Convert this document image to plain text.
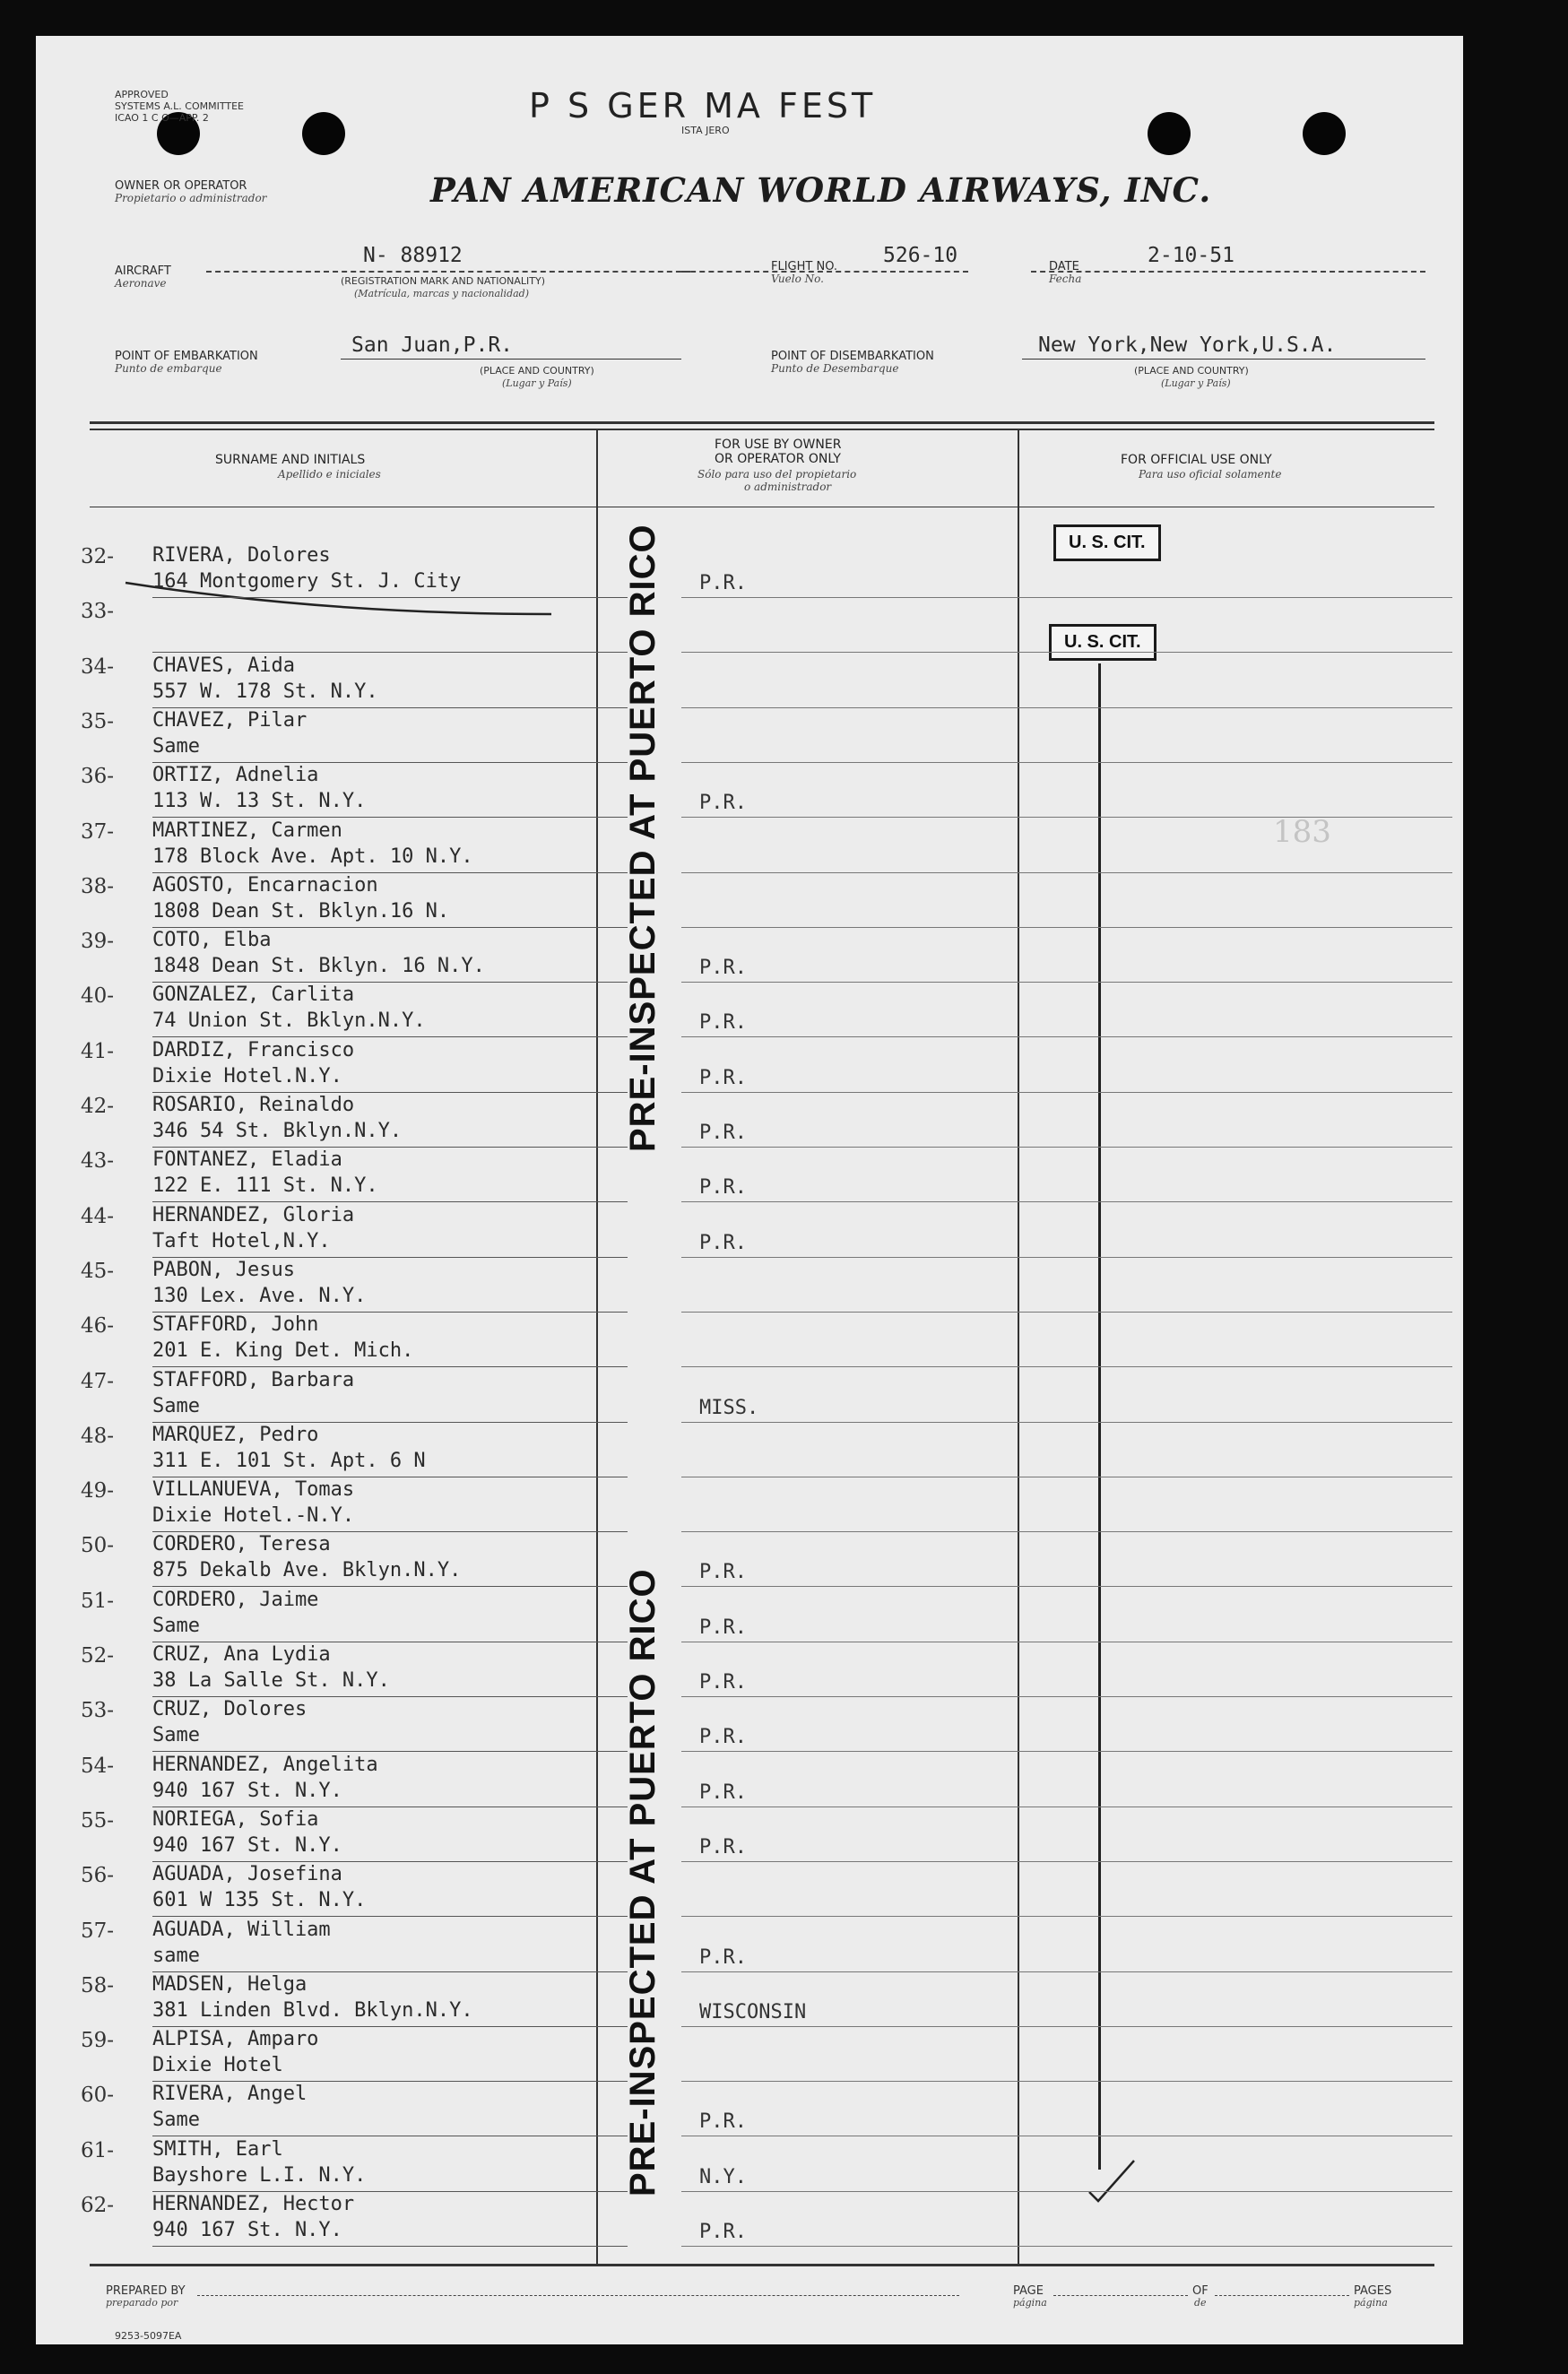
APPROVED
SYSTEMS A.L. COMMITTEE
ICAO 1 C O—APP. 2	P S GER MA FEST
ISTA JERO
OWNER OR OPERATOR
Propietario o administrador	PAN AMERICAN WORLD AIRWAYS, INC.
AIRCRAFT
Aeronave
N- 88912
(REGISTRATION MARK AND NATIONALITY)
(Matrícula, marcas y nacionalidad)
FLIGHT NO.
Vuelo No.
526-10	DATE
Fecha
2-10-51
POINT OF EMBARKATION
Punto de embarque
San Juan,P.R.
(PLACE AND COUNTRY)
(Lugar y País)
POINT OF DISEMBARKATION
Punto de Desembarque
New York,New York,U.S.A.
(PLACE AND COUNTRY)
(Lugar y País)
SURNAME AND INITIALS
Apellido e iniciales
FOR USE BY OWNER
OR OPERATOR ONLY
Sólo para uso del propietario
o administrador
FOR OFFICIAL USE ONLY
Para uso oficial solamente
U. S. CIT.
U. S. CIT.
183
PRE-INSPECTED AT PUERTO RICO
PRE-INSPECTED AT PUERTO RICO
PREPARED BY
preparado por
PAGE
página
OF
de
PAGES
página
9253-5097EA
32- RIVERA, Dolores
164 Montgomery St. J. City	P.R.
33-
34- CHAVES, Aida
557 W. 178 St. N.Y.
35- CHAVEZ, Pilar
Same
36- ORTIZ, Adnelia
113 W. 13 St. N.Y.	P.R.
37- MARTINEZ, Carmen
178 Block Ave. Apt. 10 N.Y.
38- AGOSTO, Encarnacion
1808 Dean St. Bklyn.16 N.
39- COTO, Elba
1848 Dean St. Bklyn. 16 N.Y.	P.R.
40- GONZALEZ, Carlita
74 Union St. Bklyn.N.Y.	P.R.
41- DARDIZ, Francisco
Dixie Hotel.N.Y.	P.R.
42- ROSARIO, Reinaldo
346 54 St. Bklyn.N.Y.	P.R.
43- FONTANEZ, Eladia
122 E. 111 St. N.Y.	P.R.
44- HERNANDEZ, Gloria
Taft Hotel,N.Y.	P.R.
45- PABON, Jesus
130 Lex. Ave. N.Y.
46- STAFFORD, John
201 E. King Det. Mich.
47- STAFFORD, Barbara
Same	MISS.
48- MARQUEZ, Pedro
311 E. 101 St. Apt. 6 N
49- VILLANUEVA, Tomas
Dixie Hotel.-N.Y.
50- CORDERO, Teresa
875 Dekalb Ave. Bklyn.N.Y.	P.R.
51- CORDERO, Jaime
Same	P.R.
52- CRUZ, Ana Lydia
38 La Salle St. N.Y.	P.R.
53- CRUZ, Dolores
Same	P.R.
54- HERNANDEZ, Angelita
940 167 St. N.Y.	P.R.
55- NORIEGA, Sofia
940 167 St. N.Y.	P.R.
56- AGUADA, Josefina
601 W 135 St. N.Y.
57- AGUADA, William
same	P.R.
58- MADSEN, Helga
381 Linden Blvd. Bklyn.N.Y.	WISCONSIN
59- ALPISA, Amparo
Dixie Hotel
60- RIVERA, Angel
Same	P.R.
61- SMITH, Earl
Bayshore L.I. N.Y.	N.Y.
62- HERNANDEZ, Hector
940 167 St. N.Y.	P.R.
